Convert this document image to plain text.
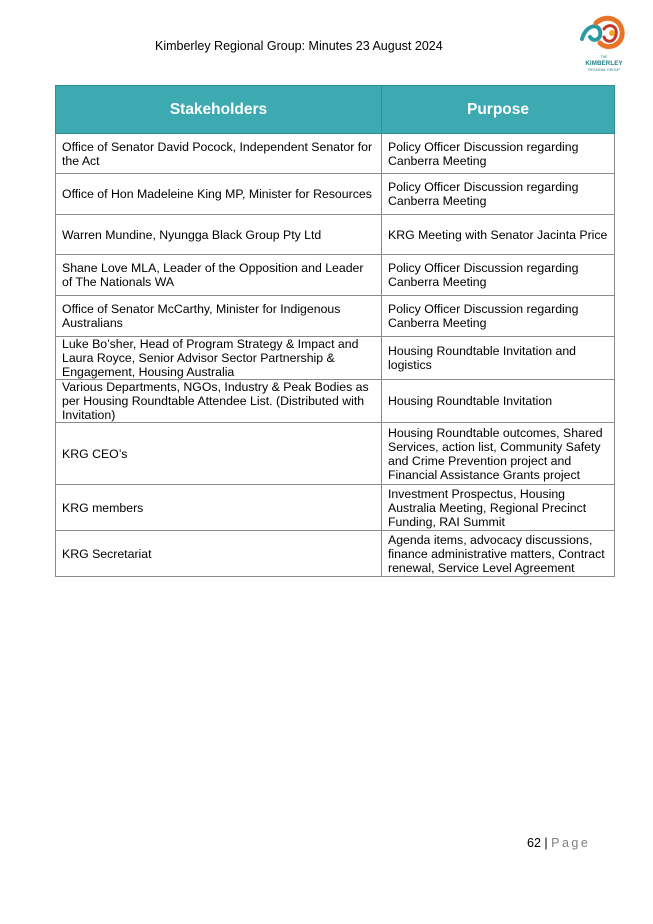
Kimberley Regional Group: Minutes 23 August 2024
THE
KIMBERLEY
REGIONAL GROUP
Stakeholders	Purpose
Office of Senator David Pocock, Independent Senator for the Act	Policy Officer Discussion regarding Canberra Meeting
Office of Hon Madeleine King MP, Minister for Resources	Policy Officer Discussion regarding Canberra Meeting
Warren Mundine, Nyungga Black Group Pty Ltd	KRG Meeting with Senator Jacinta Price
Shane Love MLA, Leader of the Opposition and Leader of The Nationals WA	Policy Officer Discussion regarding Canberra Meeting
Office of Senator McCarthy, Minister for Indigenous Australians	Policy Officer Discussion regarding Canberra Meeting
Luke Bo’sher, Head of Program Strategy & Impact and Laura Royce, Senior Advisor Sector Partnership & Engagement, Housing Australia	Housing Roundtable Invitation and logistics
Various Departments, NGOs, Industry & Peak Bodies as per Housing Roundtable Attendee List. (Distributed with Invitation)	Housing Roundtable Invitation
KRG CEO’s	Housing Roundtable outcomes, Shared Services, action list, Community Safety and Crime Prevention project and Financial Assistance Grants project
KRG members	Investment Prospectus, Housing Australia Meeting, Regional Precinct Funding, RAI Summit
KRG Secretariat	Agenda items, advocacy discussions, finance administrative matters, Contract renewal, Service Level Agreement
62 | Page
